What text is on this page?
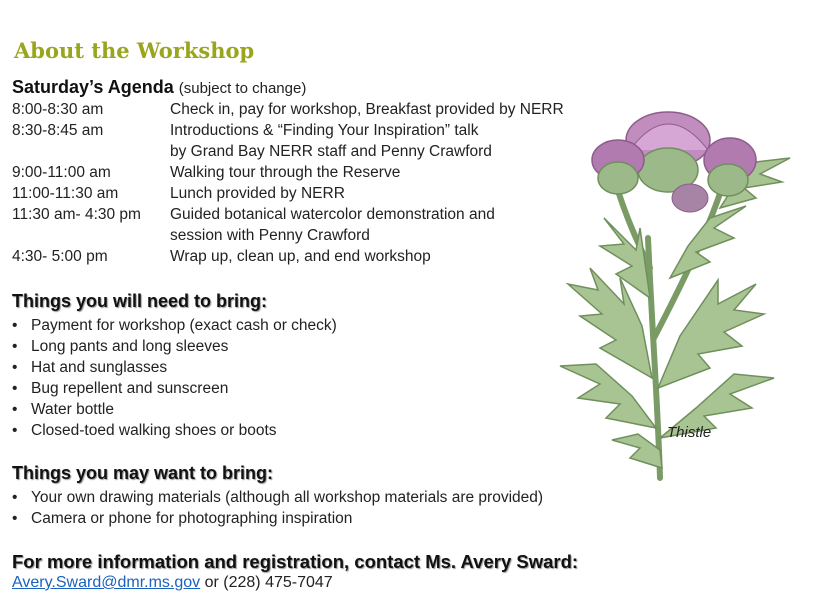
About the Workshop
Saturday’s Agenda (subject to change)
8:00-8:30 am	Check in, pay for workshop, Breakfast provided by NERR
8:30-8:45 am	Introductions & “Finding Your Inspiration” talk
by Grand Bay NERR staff and Penny Crawford
9:00-11:00 am	Walking tour through the Reserve
11:00-11:30 am	Lunch provided by NERR
11:30 am- 4:30 pm	Guided botanical watercolor demonstration and
session with Penny Crawford
4:30- 5:00 pm	Wrap up, clean up, and end workshop
Things you will need to bring:
• Payment for workshop (exact cash or check)
• Long pants and long sleeves
• Hat and sunglasses
• Bug repellent and sunscreen
• Water bottle
• Closed-toed walking shoes or boots
Things you may want to bring:
• Your own drawing materials (although all workshop materials are provided)
• Camera or phone for photographing inspiration
For more information and registration, contact Ms. Avery Sward:
Avery.Sward@dmr.ms.gov or (228) 475-7047
Thistle
